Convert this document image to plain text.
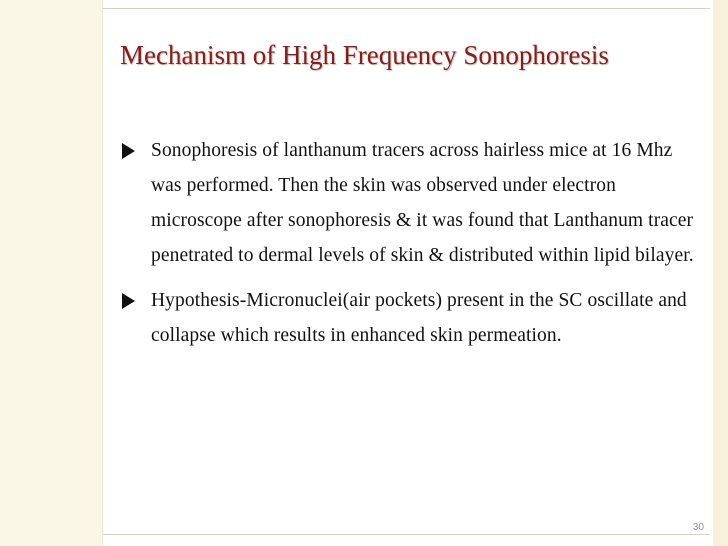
Mechanism of High Frequency Sonophoresis
Sonophoresis of lanthanum tracers across hairless mice at 16 Mhz was performed. Then the skin was observed under electron microscope after sonophoresis & it was found that Lanthanum tracer penetrated to dermal levels of skin & distributed within lipid bilayer.
Hypothesis-Micronuclei(air pockets) present in the SC oscillate and collapse which results in enhanced skin permeation.
30
